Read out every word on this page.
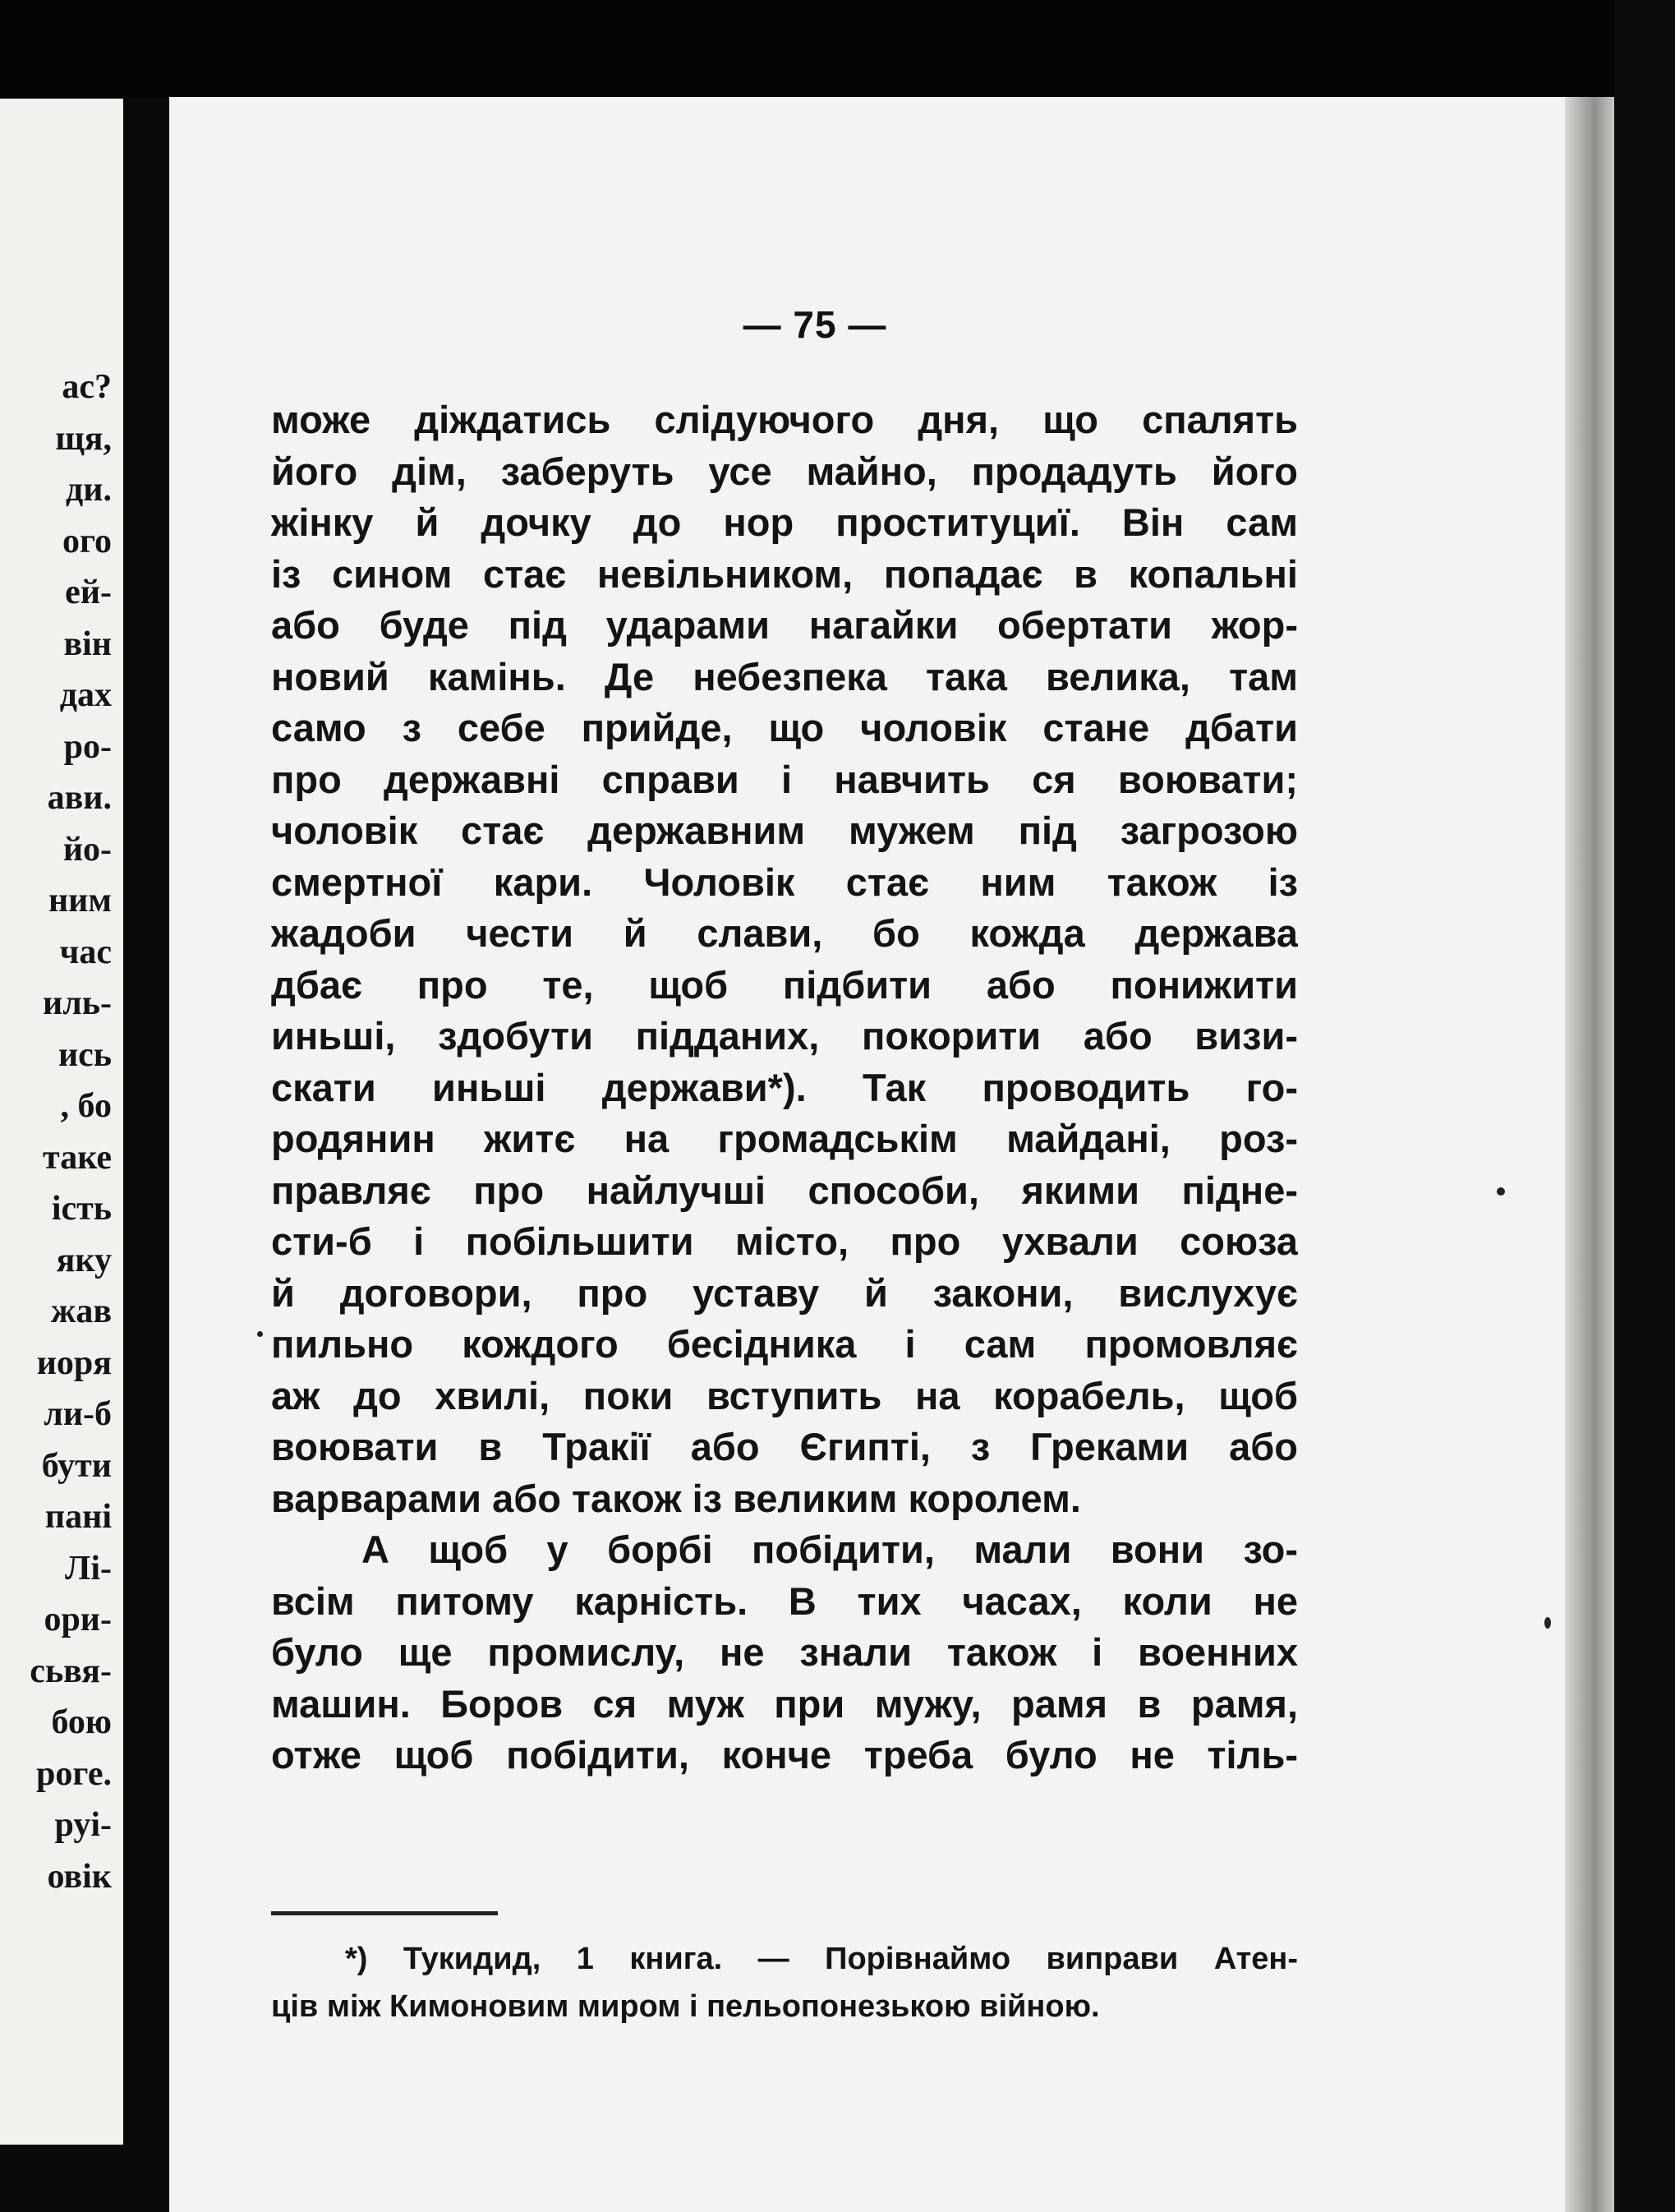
ас?
щя,
ди.
ого
ей-
він
дах
ро-
ави.
йо-
ним
час
иль-
ись
, бо
таке
ість
яку
жав
иоря
ли-б
бути
пані
Лі-
ори-
сьвя-
бою
роге.
руі-
овік
— 75 —
може діждатись слідуючого дня, що спалять
його дім, заберуть усе майно, продадуть його
жінку й дочку до нор проституциї. Він сам
із сином стає невільником, попадає в копальні
або буде під ударами нагайки обертати жор-
новий камінь. Де небезпека така велика, там
само з себе прийде, що чоловік стане дбати
про державні справи і навчить ся воювати;
чоловік стає державним мужем під загрозою
смертної кари. Чоловік стає ним також із
жадоби чести й слави, бо кожда держава
дбає про те, щоб підбити або понижити
иньші, здобути підданих, покорити або визи-
скати иньші держави*). Так проводить го-
родянин житє на громадськім майдані, роз-
правляє про найлучші способи, якими підне-
сти-б і побільшити місто, про ухвали союза
й договори, про уставу й закони, вислухує
пильно кождого бесідника і сам промовляє
аж до хвилі, поки вступить на корабель, щоб
воювати в Тракії або Єгипті, з Греками або
варварами або також із великим королем.
А щоб у борбі побідити, мали вони зо-
всім питому карність. В тих часах, коли не
було ще промислу, не знали також і военних
машин. Боров ся муж при мужу, рамя в рамя,
отже щоб побідити, конче треба було не тіль-
*) Тукидид, 1 книга. — Порівнаймо виправи Атен-
ців між Кимоновим миром і пельопонезькою війною.
